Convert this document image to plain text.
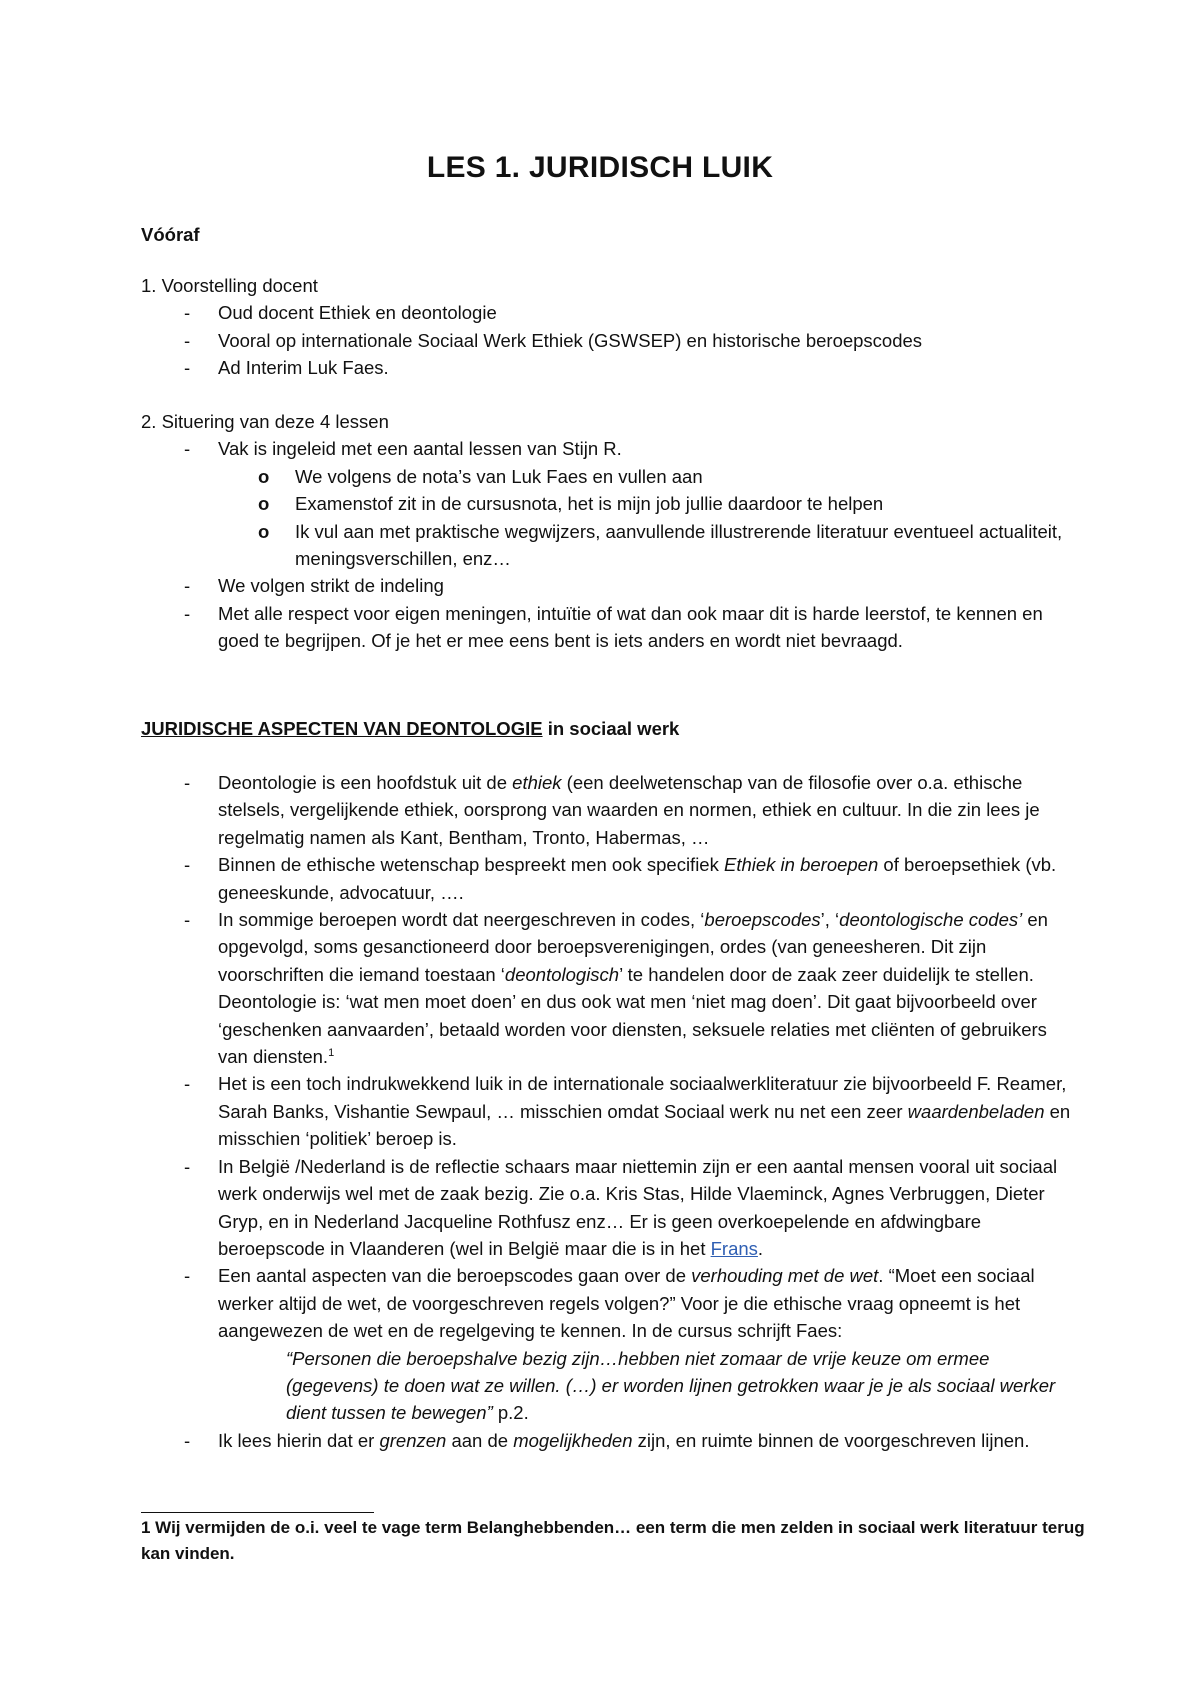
LES 1. JURIDISCH LUIK
Vóóraf

1. Voorstelling docent

- Oud docent Ethiek en deontologie
- Vooral op internationale Sociaal Werk Ethiek (GSWSEP) en historische beroepscodes
- Ad Interim Luk Faes.

2. Situering van deze 4 lessen

- Vak is ingeleid met een aantal lessen van Stijn R.
o We volgens de nota’s van Luk Faes en vullen aan
o Examenstof zit in de cursusnota, het is mijn job jullie daardoor te helpen
o Ik vul aan met praktische wegwijzers, aanvullende illustrerende literatuur eventueel actualiteit, meningsverschillen, enz…
- We volgen strikt de indeling
- Met alle respect voor eigen meningen, intuïtie of wat dan ook maar dit is harde leerstof, te kennen en goed te begrijpen. Of je het er mee eens bent is iets anders en wordt niet bevraagd.
JURIDISCHE ASPECTEN VAN DEONTOLOGIE in sociaal werk
- Deontologie is een hoofdstuk uit de ethiek (een deelwetenschap van de filosofie over o.a. ethische stelsels, vergelijkende ethiek, oorsprong van waarden en normen, ethiek en cultuur. In die zin lees je regelmatig namen als Kant, Bentham, Tronto, Habermas, …
- Binnen de ethische wetenschap bespreekt men ook specifiek Ethiek in beroepen of beroepsethiek (vb. geneeskunde, advocatuur, ….
- In sommige beroepen wordt dat neergeschreven in codes, ‘beroepscodes’, ‘deontologische codes’ en opgevolgd, soms gesanctioneerd door beroepsverenigingen, ordes (van geneesheren. Dit zijn voorschriften die iemand toestaan ‘deontologisch’ te handelen door de zaak zeer duidelijk te stellen. Deontologie is: ‘wat men moet doen’ en dus ook wat men ‘niet mag doen’. Dit gaat bijvoorbeeld over ‘geschenken aanvaarden’, betaald worden voor diensten, seksuele relaties met cliënten of gebruikers van diensten.$^1$
- Het is een toch indrukwekkend luik in de internationale sociaalwerkliteratuur zie bijvoorbeeld F. Reamer, Sarah Banks, Vishantie Sewpaul, … misschien omdat Sociaal werk nu net een zeer waardenbeladen en misschien ‘politiek’ beroep is.
- In België /Nederland is de reflectie schaars maar niettemin zijn er een aantal mensen vooral uit sociaal werk onderwijs wel met de zaak bezig. Zie o.a. Kris Stas, Hilde Vlaeminck, Agnes Verbruggen, Dieter Gryp, en in Nederland Jacqueline Rothfusz enz… Er is geen overkoepelende en afdwingbare beroepscode in Vlaanderen (wel in België maar die is in het Frans.
- Een aantal aspecten van die beroepscodes gaan over de verhouding met de wet. “Moet een sociaal werker altijd de wet, de voorgeschreven regels volgen?” Voor je die ethische vraag opneemt is het aangewezen de wet en de regelgeving te kennen. In de cursus schrijft Faes:
“Personen die beroepshalve bezig zijn…hebben niet zomaar de vrije keuze om ermee (gegevens) te doen wat ze willen. (…) er worden lijnen getrokken waar je je als sociaal werker dient tussen te bewegen” p.2.
- Ik lees hierin dat er grenzen aan de mogelijkheden zijn, en ruimte binnen de voorgeschreven lijnen.
1 Wij vermijden de o.i. veel te vage term Belanghebbenden… een term die men zelden in sociaal werk literatuur terug kan vinden.
